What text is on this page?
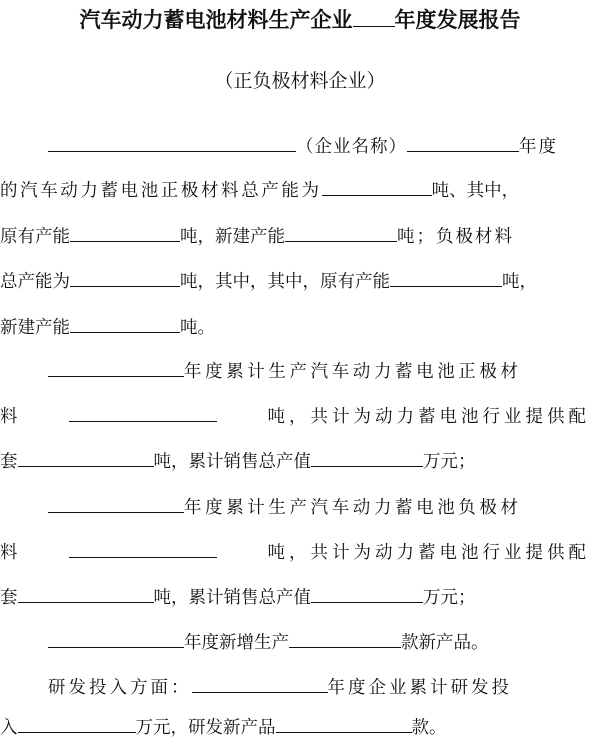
汽车动力蓄电池材料生产企业 年度发展报告
（正负极材料企业）
（企业名称）	年度
的汽车动力蓄电池正极材料总产能为	吨、其中，
原有产能	吨，新建产能	吨；负极材料
总产能为	吨，其中，其中，原有产能	吨，
新建产能	吨。
年度累计生产汽车动力蓄电池正极材
料	吨，共计为动力蓄电池行业提供配
套	吨，累计销售总产值	万元；
年度累计生产汽车动力蓄电池负极材
料	吨，共计为动力蓄电池行业提供配
套	吨，累计销售总产值	万元；
年度新增生产	款新产品。
研发投入方面：	年度企业累计研发投
入	万元，研发新产品	款。
